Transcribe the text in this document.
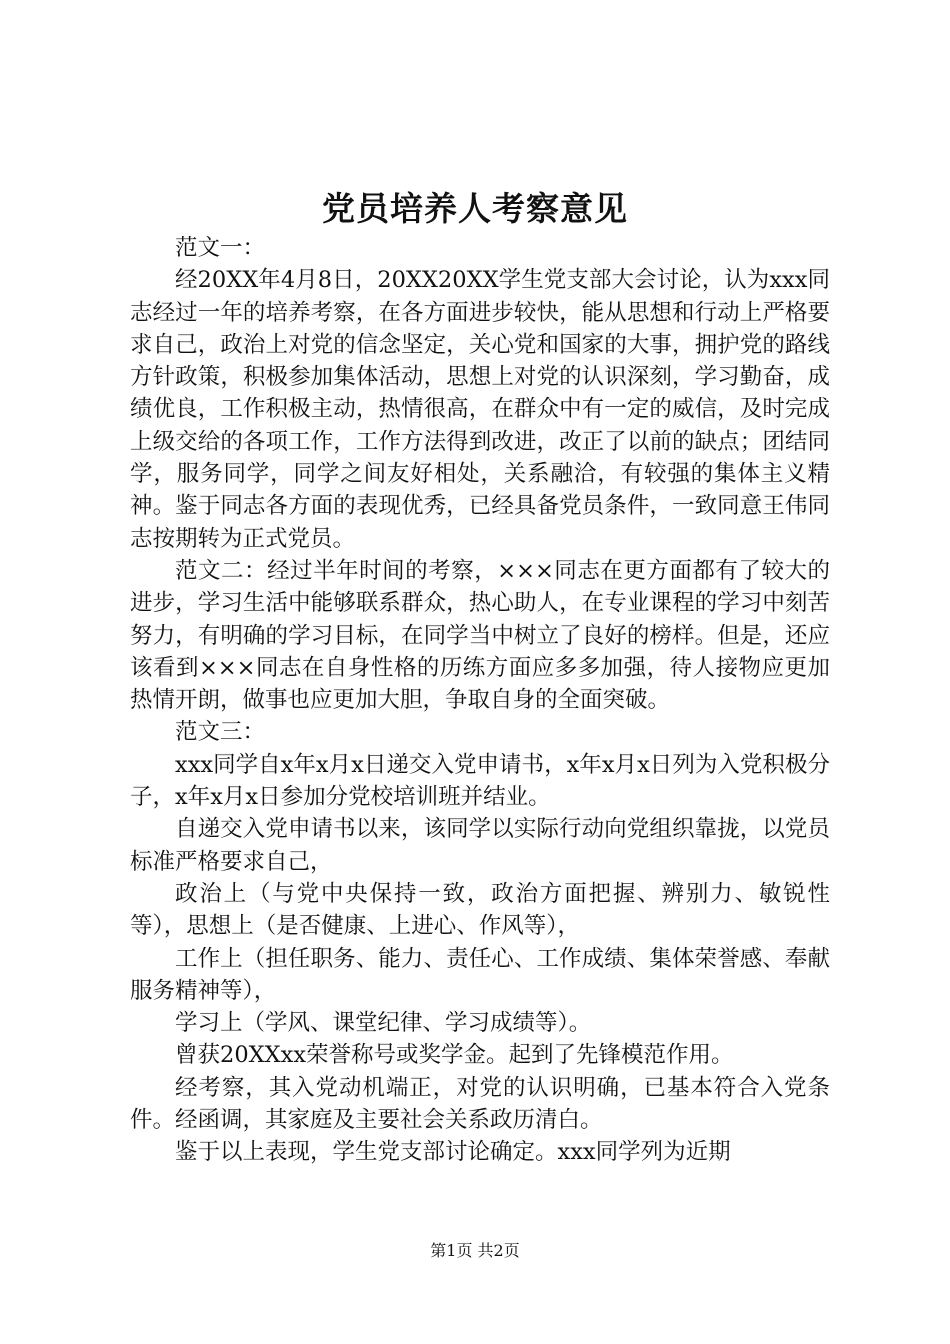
党员培养人考察意见

范文一：

经20XX年4月8日，20XX20XX学生党支部大会讨论，认为xxx同志经过一年的培养考察，在各方面进步较快，能从思想和行动上严格要求自己，政治上对党的信念坚定，关心党和国家的大事，拥护党的路线方针政策，积极参加集体活动，思想上对党的认识深刻，学习勤奋，成绩优良，工作积极主动，热情很高，在群众中有一定的威信，及时完成上级交给的各项工作，工作方法得到改进，改正了以前的缺点；团结同学，服务同学，同学之间友好相处，关系融洽，有较强的集体主义精神。鉴于同志各方面的表现优秀，已经具备党员条件，一致同意王伟同志按期转为正式党员。

范文二：经过半年时间的考察，×××同志在更方面都有了较大的进步，学习生活中能够联系群众，热心助人，在专业课程的学习中刻苦努力，有明确的学习目标，在同学当中树立了良好的榜样。但是，还应该看到×××同志在自身性格的历练方面应多多加强，待人接物应更加热情开朗，做事也应更加大胆，争取自身的全面突破。

范文三：

xxx同学自x年x月x日递交入党申请书，x年x月x日列为入党积极分子，x年x月x日参加分党校培训班并结业。

自递交入党申请书以来，该同学以实际行动向党组织靠拢，以党员标准严格要求自己，

政治上（与党中央保持一致，政治方面把握、辨别力、敏锐性等），思想上（是否健康、上进心、作风等），

工作上（担任职务、能力、责任心、工作成绩、集体荣誉感、奉献服务精神等），

学习上（学风、课堂纪律、学习成绩等）。

曾获20XXxx荣誉称号或奖学金。起到了先锋模范作用。

经考察，其入党动机端正，对党的认识明确，已基本符合入党条件。经函调，其家庭及主要社会关系政历清白。

鉴于以上表现，学生党支部讨论确定。xxx同学列为近期

第1页 共2页
